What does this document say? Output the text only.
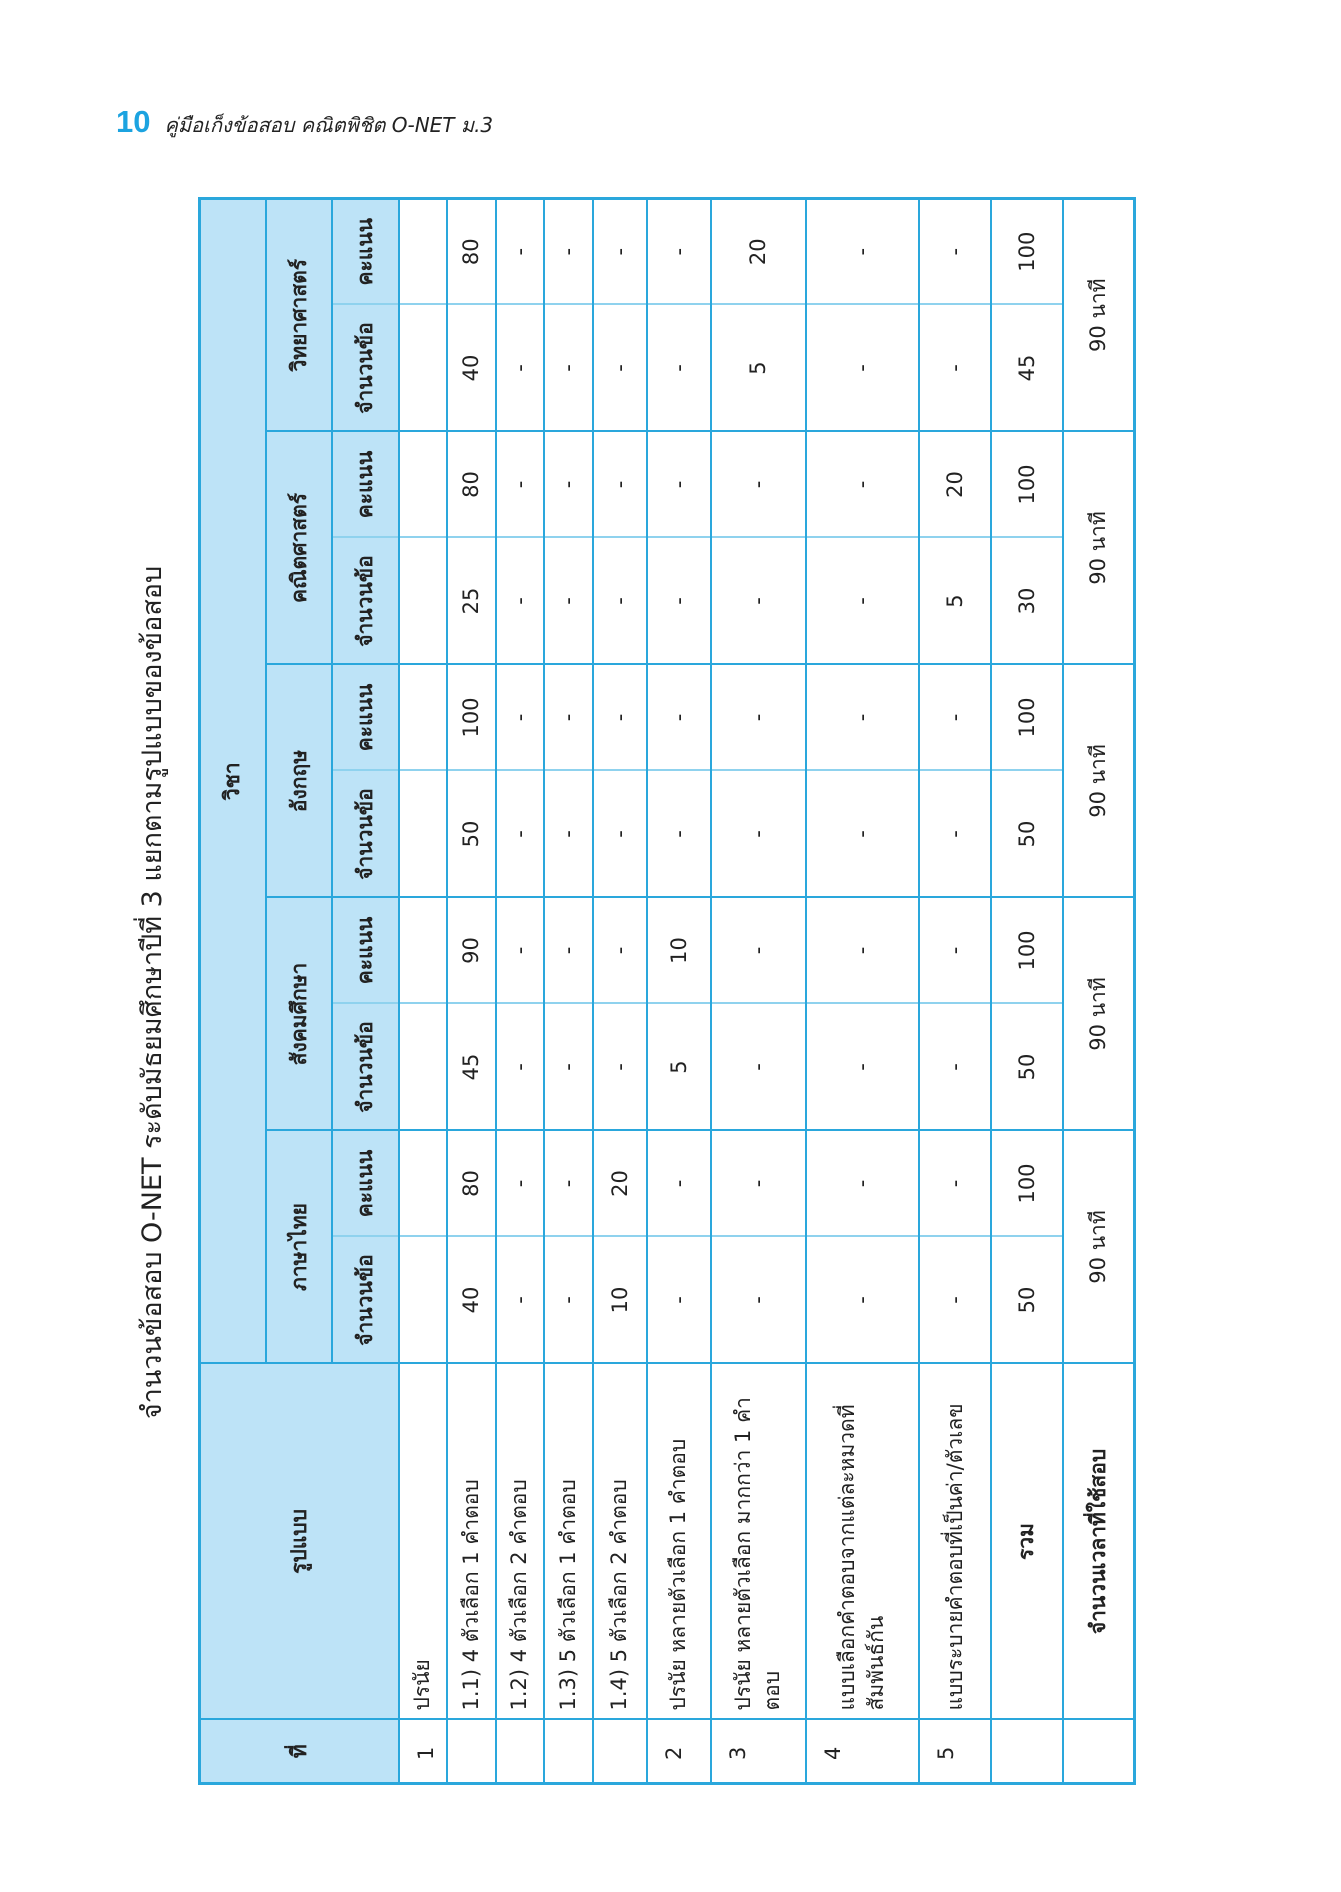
10 คู่มือเก็งข้อสอบ คณิตพิชิต O-NET ม.3
จำนวนข้อสอบ O-NET ระดับมัธยมศึกษาปีที่ 3 แยกตามรูปแบบของข้อสอบ
ที่	รูปแบบ	วิชา									
		ภาษาไทย		สังคมศึกษา		อังกฤษ		คณิตศาสตร์		วิทยาศาสตร์	
		จำนวนข้อ	คะแนน	จำนวนข้อ	คะแนน	จำนวนข้อ	คะแนน	จำนวนข้อ	คะแนน	จำนวนข้อ	คะแนน
1	ปรนัย										
	1.1) 4 ตัวเลือก 1 คำตอบ	40	80	45	90	50	100	25	80	40	80
	1.2) 4 ตัวเลือก 2 คำตอบ	-	-	-	-	-	-	-	-	-	-
	1.3) 5 ตัวเลือก 1 คำตอบ	-	-	-	-	-	-	-	-	-	-
	1.4) 5 ตัวเลือก 2 คำตอบ	10	20	-	-	-	-	-	-	-	-
2	ปรนัย หลายตัวเลือก 1 คำตอบ	-	-	5	10	-	-	-	-	-	-
3	ปรนัย หลายตัวเลือก มากกว่า 1 คำตอบ	-	-	-	-	-	-	-	-	5	20
4	แบบเลือกคำตอบจากแต่ละหมวดที่สัมพันธ์กัน	-	-	-	-	-	-	-	-	-	-
5	แบบระบายคำตอบที่เป็นค่า/ตัวเลข	-	-	-	-	-	-	5	20	-	-
	รวม	50	100	50	100	50	100	30	100	45	100
	จำนวนเวลาที่ใช้สอบ	90 นาที		90 นาที		90 นาที		90 นาที		90 นาที	
